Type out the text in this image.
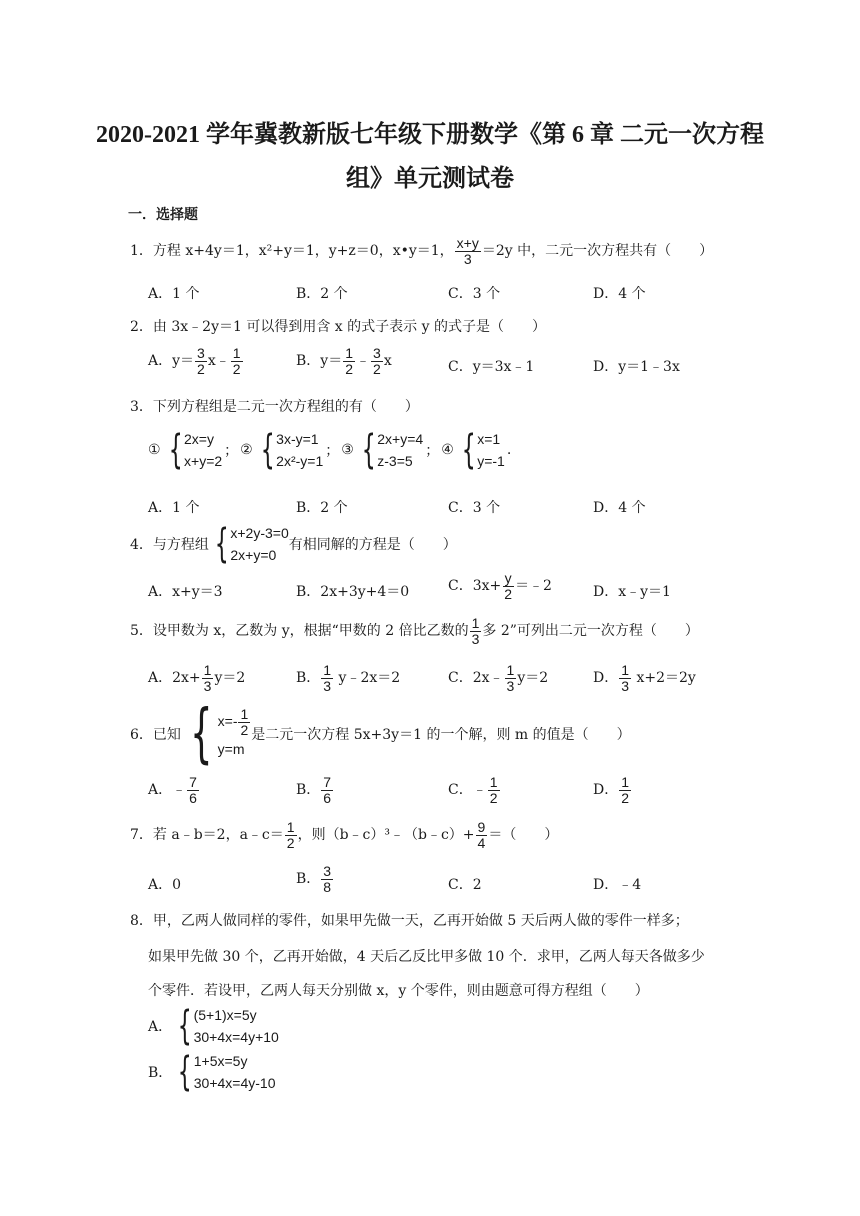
2020-2021 学年冀教新版七年级下册数学《第 6 章 二元一次方程
组》单元测试卷
一．选择题
1．方程 x+4y＝1，x²+y＝1，y+z＝0，x•y＝1， $\frac{x+y}{3} =2y$ 中，二元一次方程共有（　　）
A．1 个	B．2 个	C．3 个	D．4 个
2．由 3x﹣2y＝1 可以得到用含 x 的式子表示 y 的式子是（　　）
A．$y= \frac{3}{2}$ x﹣ $\frac{1}{2}$	B．$y= \frac{1}{2}$ ﹣ $\frac{3}{2}$ x	C．y＝3x﹣1	D．y＝1﹣3x
3．下列方程组是二元一次方程组的有（　　）
① { 2x=y
x+y=2
； ② { 3x-y=1
2x²-y=1
； ③ { 2x+y=4
z-3=5
； ④ { x=1
y=-1
.
A．1 个	B．2 个	C．3 个	D．4 个
4． 与方程组 { x+2y-3=0
2x+y=0
有相同解的方程是（　　）
A．x+y＝3	B．2x+3y+4＝0	C．$3x+ \frac{y}{2}$ ＝﹣2	D．x﹣y＝1
5．设甲数为 x，乙数为 y，根据“甲数的 2 倍比乙数的 $\frac{1}{3}$ 多 2”可列出二元一次方程（　　）
A．$2x+ \frac{1}{3} y=2$	B． $\frac{1}{3}$ y﹣2x＝2	C．2x﹣ $\frac{1}{3} y=2$	D． $\frac{1}{3} x+2=2y$
6． 已知 { $x=- \frac{1}{2}$
y=m
是二元一次方程 5x+3y＝1 的一个解，则 m 的值是（　　）
A．﹣ $\frac{7}{6}$	B． $\frac{7}{6}$	C．﹣ $\frac{1}{2}$	D． $\frac{1}{2}$
7．若 a﹣b＝2，a﹣c＝ $\frac{1}{2}$ ，则（b﹣c）³﹣（b﹣c）+ $\frac{9}{4}$ ＝（　　）
A．0	B． $\frac{3}{8}$	C．2	D．﹣4
8．甲，乙两人做同样的零件，如果甲先做一天，乙再开始做 5 天后两人做的零件一样多；
如果甲先做 30 个，乙再开始做，4 天后乙反比甲多做 10 个．求甲，乙两人每天各做多少
个零件．若设甲，乙两人每天分别做 x，y 个零件，则由题意可得方程组（　　）
A． { (5+1)x=5y
30+4x=4y+10
B． { 1+5x=5y
30+4x=4y-10
